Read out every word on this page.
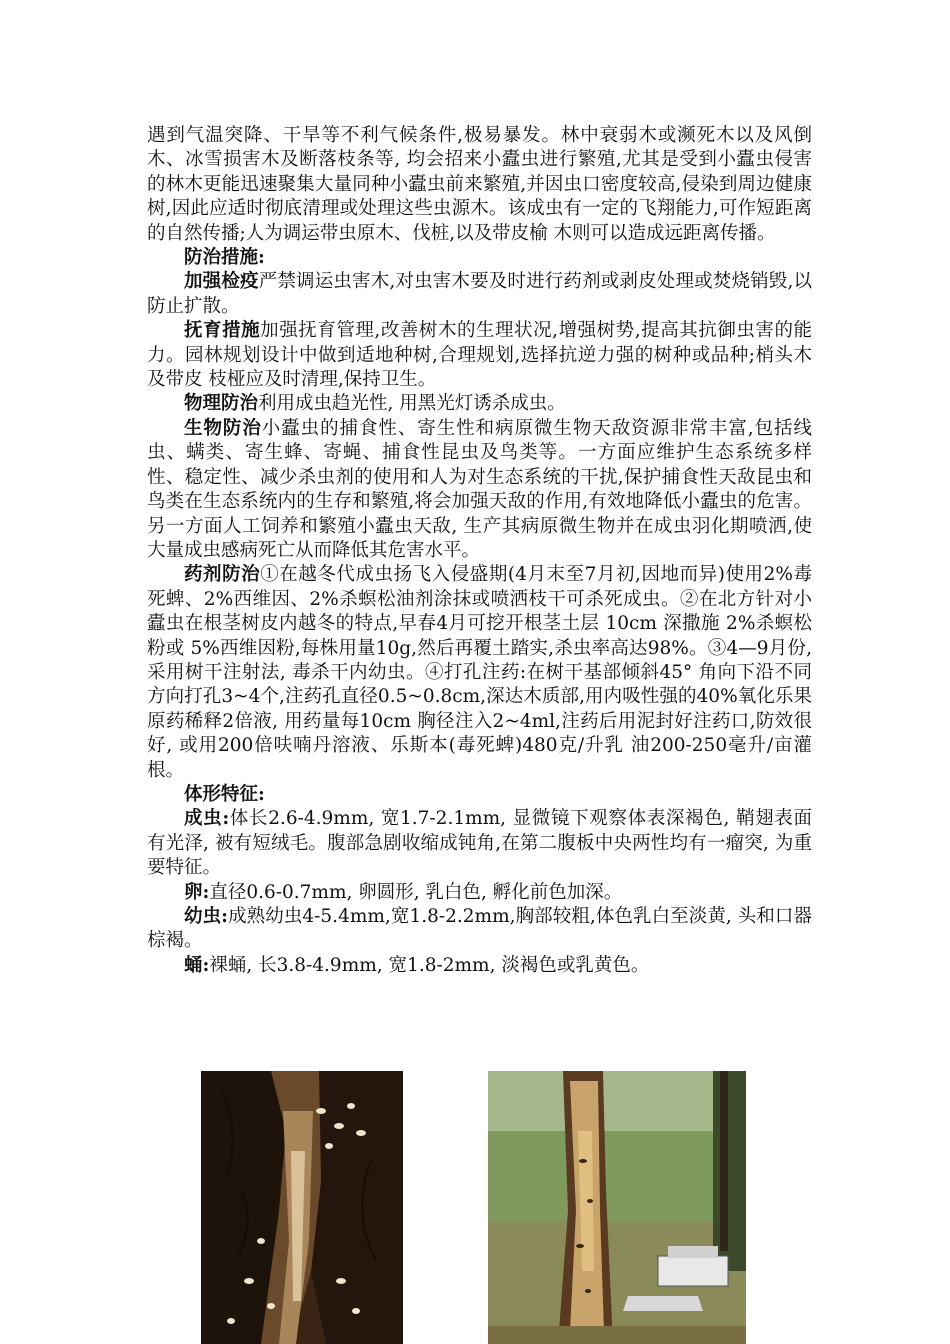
遇到气温突降、干旱等不利气候条件,极易暴发。林中衰弱木或濒死木以及风倒木、冰雪损害木及断落枝条等, 均会招来小蠹虫进行繁殖,尤其是受到小蠹虫侵害的林木更能迅速聚集大量同种小蠹虫前来繁殖,并因虫口密度较高,侵染到周边健康树,因此应适时彻底清理或处理这些虫源木。该成虫有一定的飞翔能力,可作短距离的自然传播;人为调运带虫原木、伐桩,以及带皮榆 木则可以造成远距离传播。

防治措施:

加强检疫严禁调运虫害木,对虫害木要及时进行药剂或剥皮处理或焚烧销毁,以防止扩散。

抚育措施加强抚育管理,改善树木的生理状况,增强树势,提高其抗御虫害的能力。园林规划设计中做到适地种树,合理规划,选择抗逆力强的树种或品种;梢头木及带皮 枝桠应及时清理,保持卫生。

物理防治利用成虫趋光性, 用黑光灯诱杀成虫。

生物防治小蠹虫的捕食性、寄生性和病原微生物天敌资源非常丰富,包括线虫、螨类、寄生蜂、寄蝇、捕食性昆虫及鸟类等。一方面应维护生态系统多样性、稳定性、减少杀虫剂的使用和人为对生态系统的干扰,保护捕食性天敌昆虫和鸟类在生态系统内的生存和繁殖,将会加强天敌的作用,有效地降低小蠹虫的危害。另一方面人工饲养和繁殖小蠹虫天敌, 生产其病原微生物并在成虫羽化期喷洒,使大量成虫感病死亡从而降低其危害水平。

药剂防治①在越冬代成虫扬飞入侵盛期(4月末至7月初,因地而异)使用2%毒死蜱、2%西维因、2%杀螟松油剂涂抹或喷洒枝干可杀死成虫。②在北方针对小蠹虫在根茎树皮内越冬的特点,早春4月可挖开根茎土层 10cm 深撒施 2%杀螟松粉或 5%西维因粉,每株用量10g,然后再覆土踏实,杀虫率高达98%。③4—9月份, 采用树干注射法, 毒杀干内幼虫。④打孔注药:在树干基部倾斜45° 角向下沿不同方向打孔3~4个,注药孔直径0.5~0.8cm,深达木质部,用内吸性强的40%氧化乐果原药稀释2倍液, 用药量每10cm 胸径注入2~4ml,注药后用泥封好注药口,防效很好, 或用200倍呋喃丹溶液、乐斯本(毒死蜱)480克/升乳 油200-250毫升/亩灌根。

体形特征:

成虫:体长2.6-4.9mm, 宽1.7-2.1mm, 显微镜下观察体表深褐色, 鞘翅表面有光泽, 被有短绒毛。腹部急剧收缩成钝角,在第二腹板中央两性均有一瘤突, 为重要特征。

卵:直径0.6-0.7mm, 卵圆形, 乳白色, 孵化前色加深。

幼虫:成熟幼虫4-5.4mm,宽1.8-2.2mm,胸部较粗,体色乳白至淡黄, 头和口器棕褐。

蛹:裸蛹, 长3.8-4.9mm, 宽1.8-2mm, 淡褐色或乳黄色。
